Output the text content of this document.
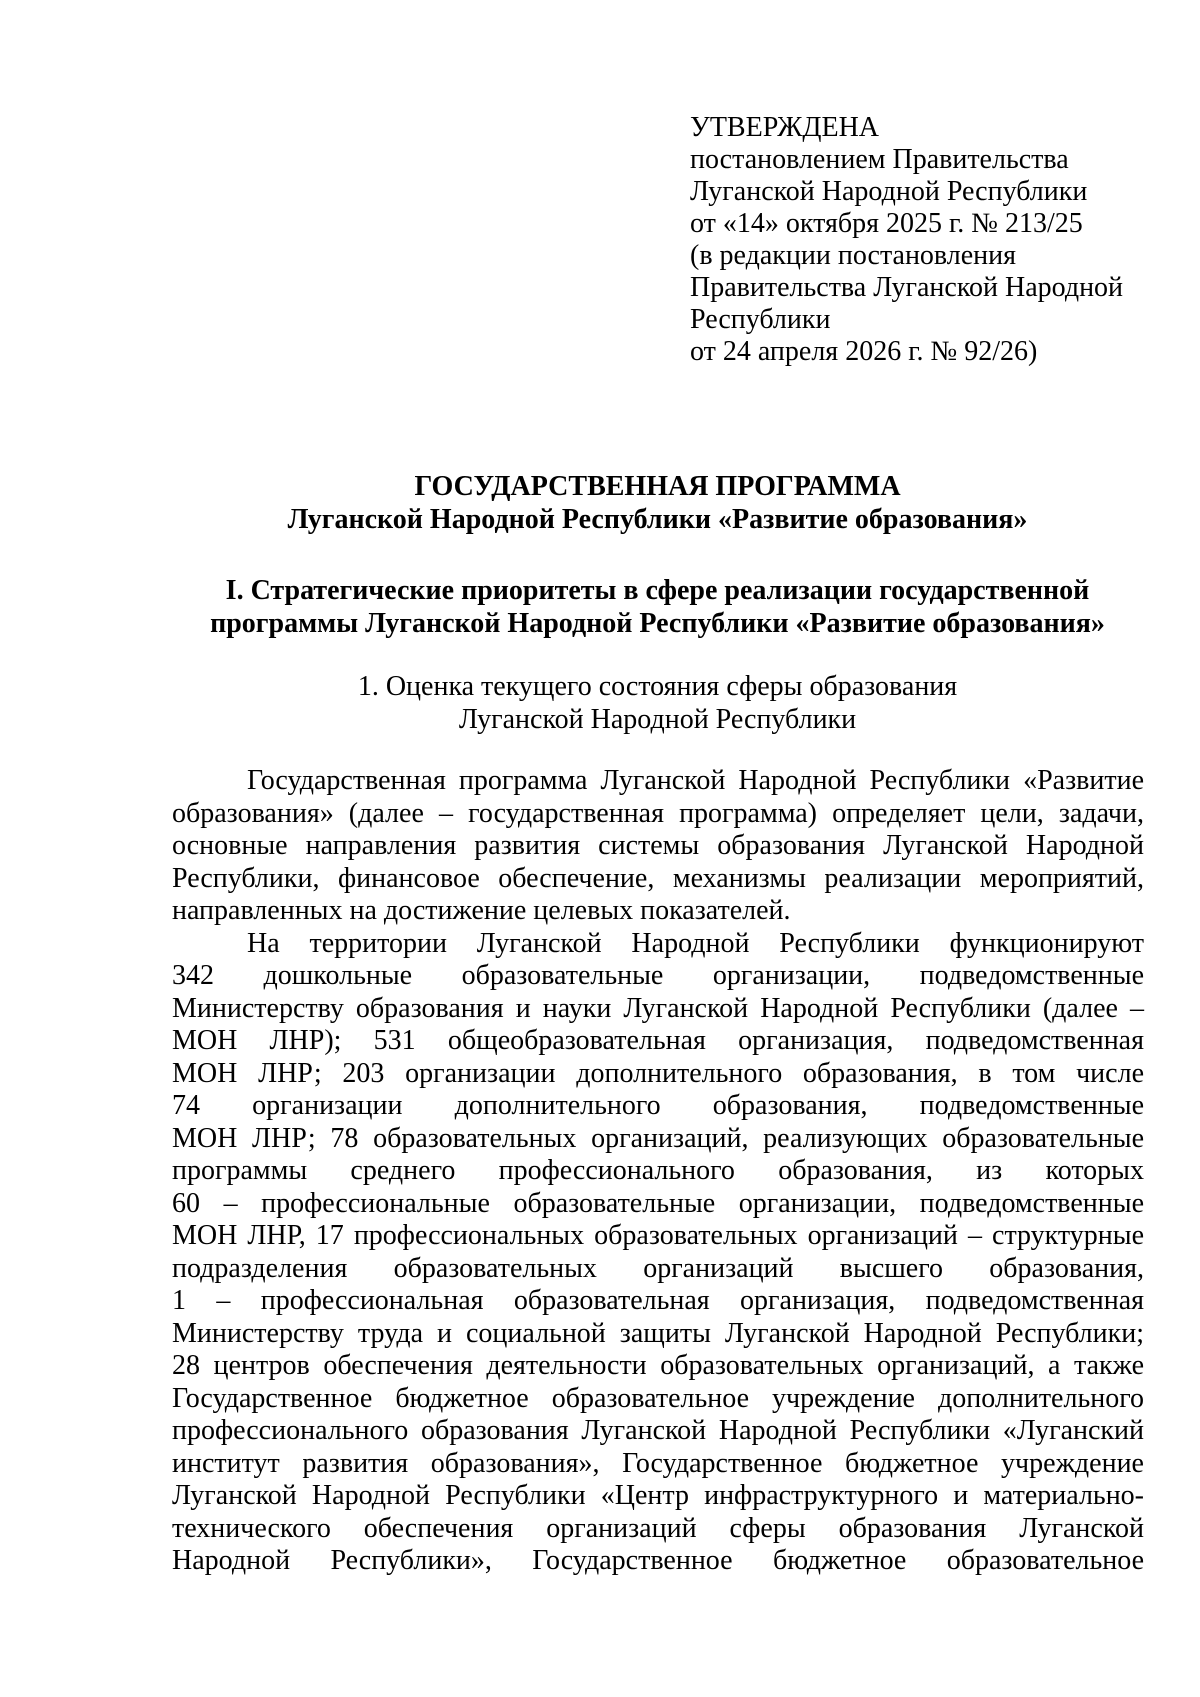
УТВЕРЖДЕНА
постановлением Правительства
Луганской Народной Республики
от «14» октября 2025 г. № 213/25
(в редакции постановления
Правительства Луганской Народной
Республики
от 24 апреля 2026 г. № 92/26)
ГОСУДАРСТВЕННАЯ ПРОГРАММА
Луганской Народной Республики «Развитие образования»
I. Стратегические приоритеты в сфере реализации государственной
программы Луганской Народной Республики «Развитие образования»
1. Оценка текущего состояния сферы образования
Луганской Народной Республики
Государственная программа Луганской Народной Республики «Развитие
образования» (далее – государственная программа) определяет цели, задачи,
основные направления развития системы образования Луганской Народной
Республики, финансовое обеспечение, механизмы реализации мероприятий,
направленных на достижение целевых показателей.
На территории Луганской Народной Республики функционируют
342 дошкольные образовательные организации, подведомственные
Министерству образования и науки Луганской Народной Республики (далее –
МОН ЛНР); 531 общеобразовательная организация, подведомственная
МОН ЛНР; 203 организации дополнительного образования, в том числе
74 организации дополнительного образования, подведомственные
МОН ЛНР; 78 образовательных организаций, реализующих образовательные
программы среднего профессионального образования, из которых
60 – профессиональные образовательные организации, подведомственные
МОН ЛНР, 17 профессиональных образовательных организаций – структурные
подразделения образовательных организаций высшего образования,
1 – профессиональная образовательная организация, подведомственная
Министерству труда и социальной защиты Луганской Народной Республики;
28 центров обеспечения деятельности образовательных организаций, а также
Государственное бюджетное образовательное учреждение дополнительного
профессионального образования Луганской Народной Республики «Луганский
институт развития образования», Государственное бюджетное учреждение
Луганской Народной Республики «Центр инфраструктурного и материально-
технического обеспечения организаций сферы образования Луганской
Народной Республики», Государственное бюджетное образовательное
